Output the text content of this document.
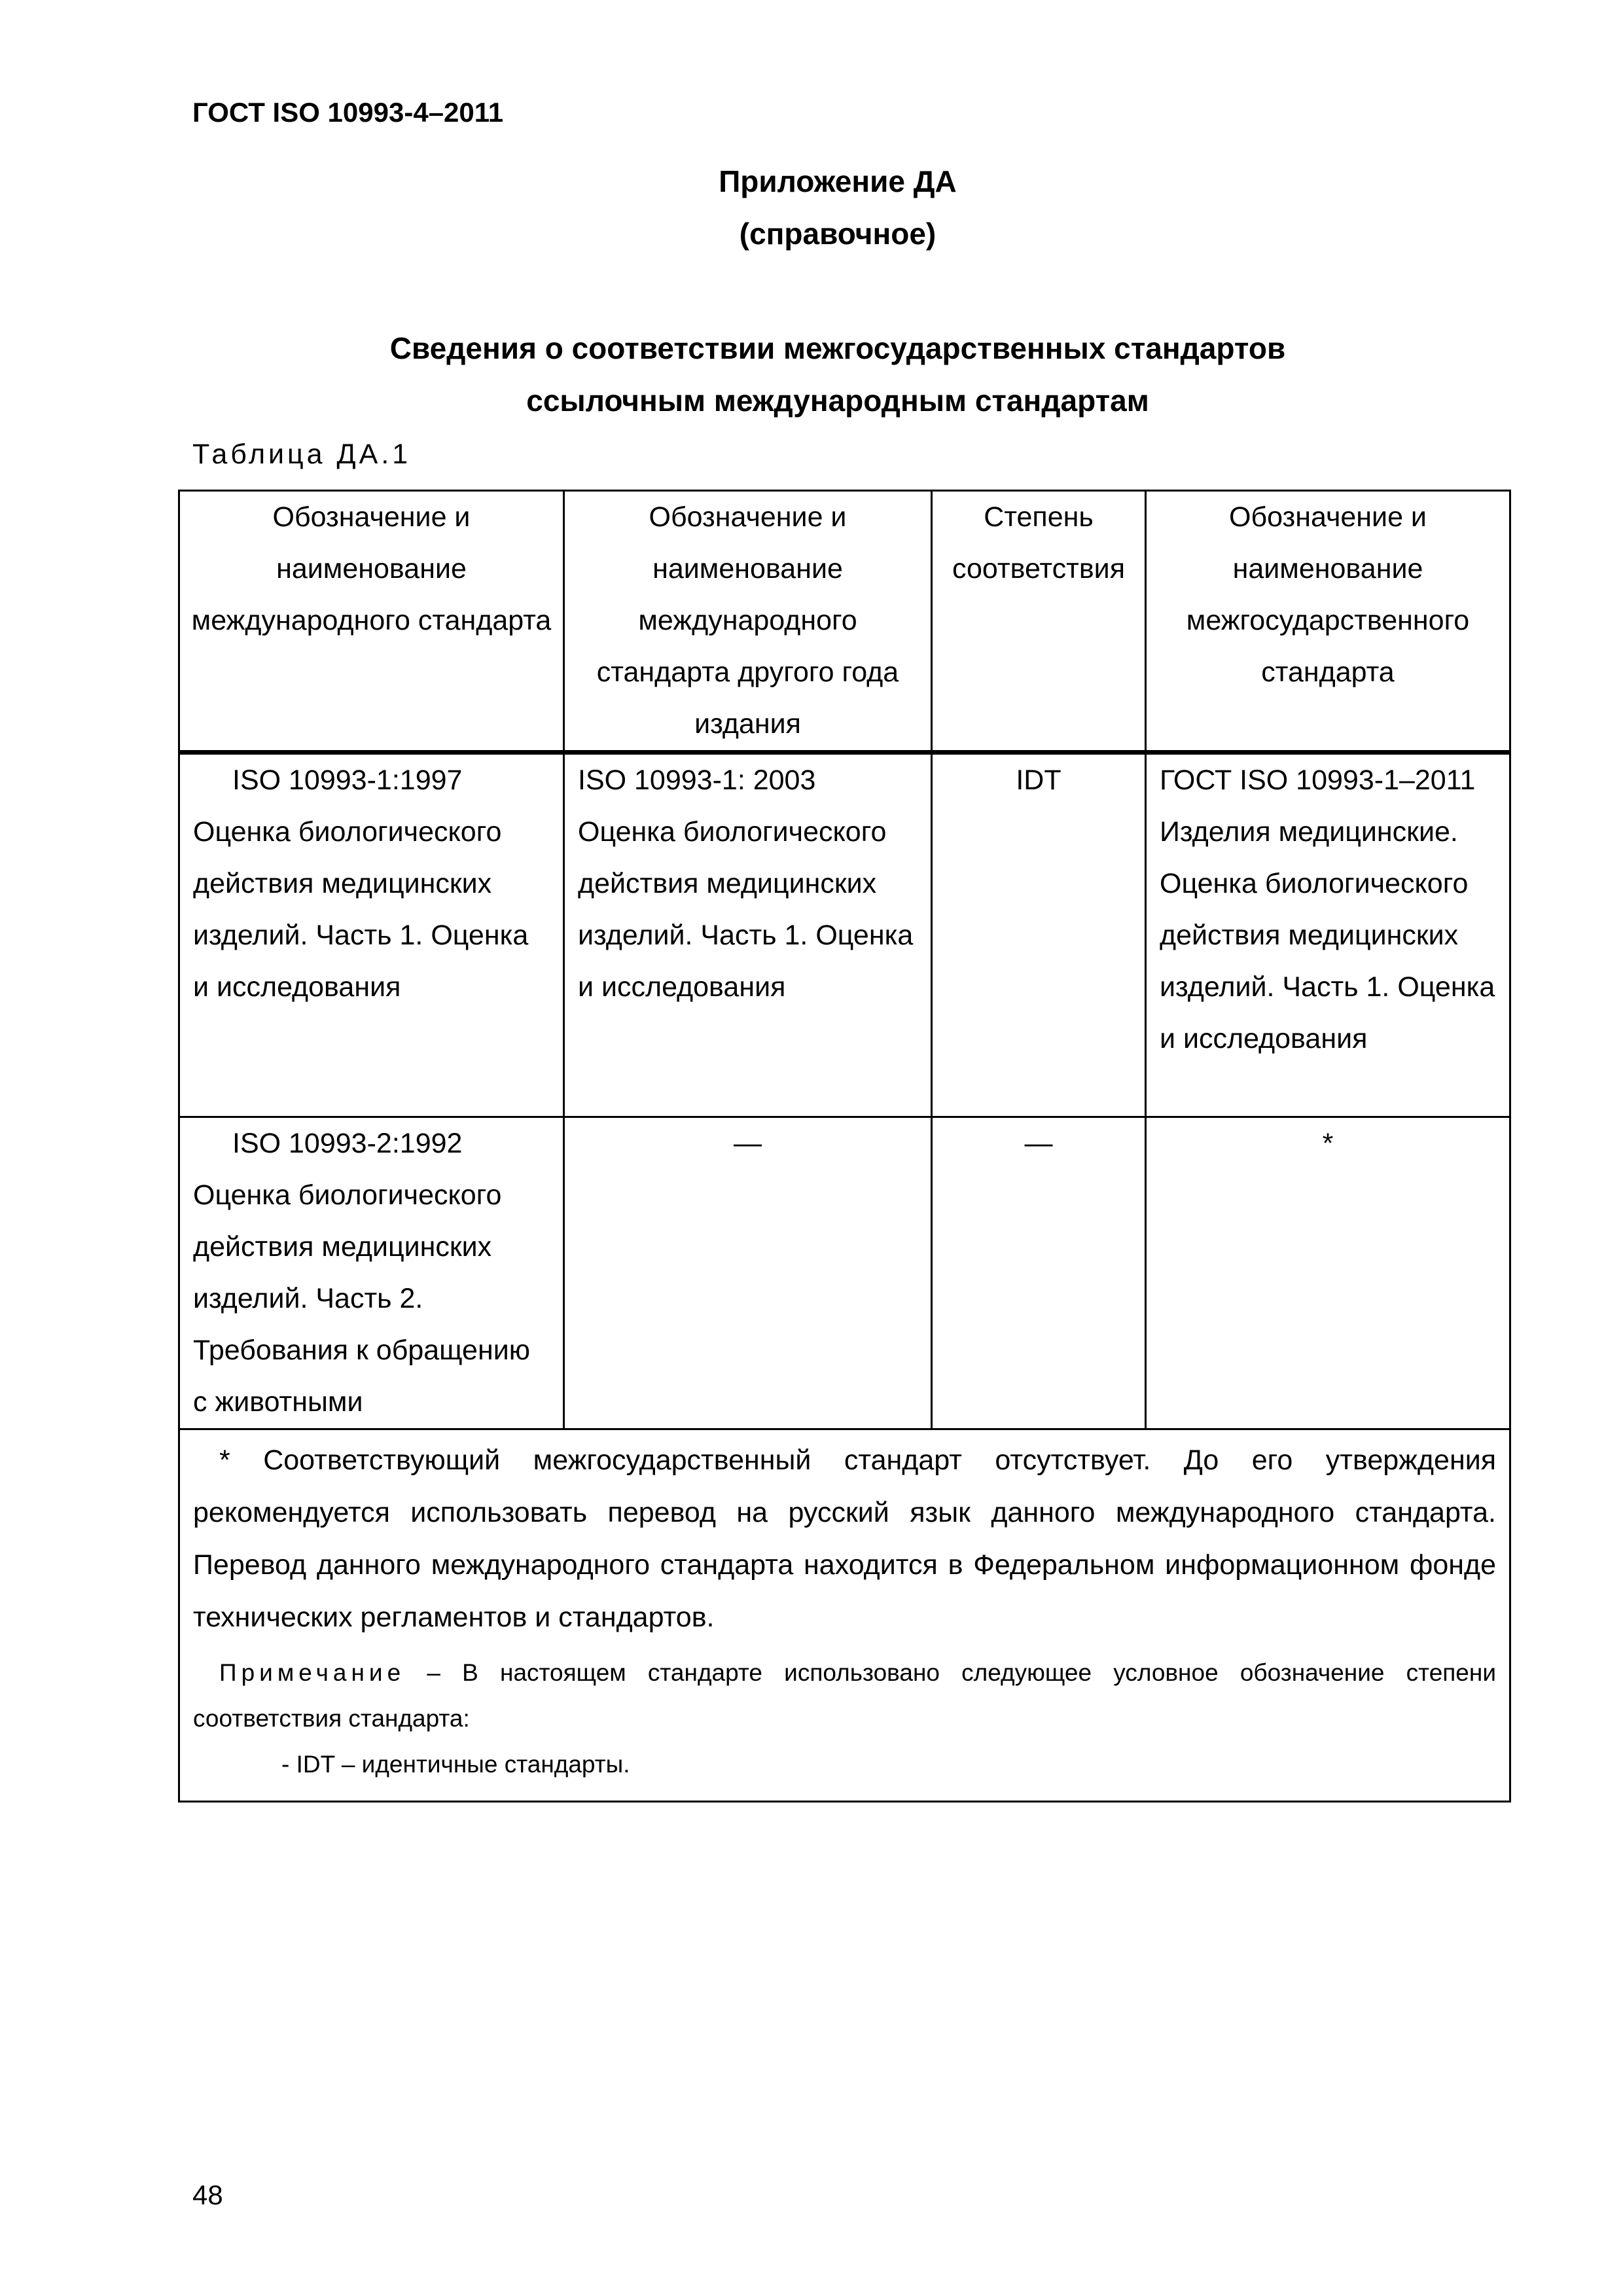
ГОСТ ISO 10993-4–2011
Приложение ДА
(справочное)
Сведения о соответствии межгосударственных стандартов
ссылочным международным стандартам
Таблица ДА.1
Обозначение и наименование международного стандарта	Обозначение и наименование международного стандарта другого года издания	Степень соответствия	Обозначение и наименование межгосударственного стандарта

ISO 10993-1:1997
Оценка биологического действия медицинских изделий. Часть 1. Оценка и исследования	ISO 10993-1: 2003 Оценка биологического действия медицинских изделий. Часть 1. Оценка и исследования	IDT	ГОСТ ISO 10993-1–2011 Изделия медицинские. Оценка биологического действия медицинских изделий. Часть 1. Оценка и исследования

ISO 10993-2:1992
Оценка биологического действия медицинских изделий. Часть 2. Требования к обращению с животными	—	—	*

* Соответствующий межгосударственный стандарт отсутствует. До его утверждения рекомендуется использовать перевод на русский язык данного международного стандарта. Перевод данного международного стандарта находится в Федеральном информационном фонде технических регламентов и стандартов.

Примечание – В настоящем стандарте использовано следующее условное обозначение степени соответствия стандарта:

- IDT – идентичные стандарты.			

48
